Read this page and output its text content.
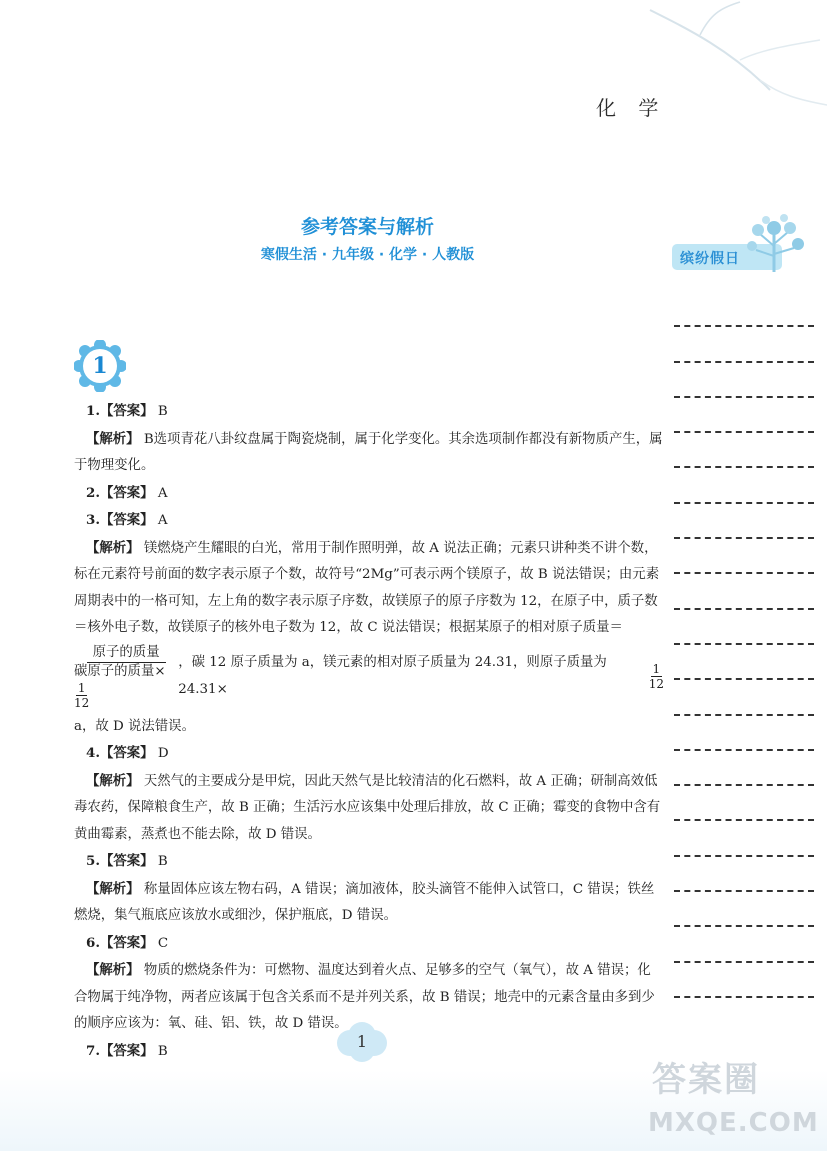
化 学
参考答案与解析
寒假生活 · 九年级 · 化学 · 人教版	缤纷假日
1

1.【答案】 B

【解析】 B选项青花八卦纹盘属于陶瓷烧制，属于化学变化。其余选项制作都没有新物质产生，属于物理变化。

2.【答案】 A

3.【答案】 A

【解析】 镁燃烧产生耀眼的白光，常用于制作照明弹，故 A 说法正确；元素只讲种类不讲个数，标在元素符号前面的数字表示原子个数，故符号“2Mg”可表示两个镁原子，故 B 说法错误；由元素周期表中的一格可知，左上角的数字表示原子序数，故镁原子的原子序数为 12，在原子中，质子数＝核外电子数，故镁原子的核外电子数为 12，故 C 说法错误；根据某原子的相对原子质量＝

原子的质量
碳原子的质量×
$\frac{1}{12}$ ，碳 12 原子质量为 a，镁元素的相对原子质量为 24.31，则原子质量为 24.31×	$\frac{1}{12}$

a，故 D 说法错误。

4.【答案】 D

【解析】 天然气的主要成分是甲烷，因此天然气是比较清洁的化石燃料，故 A 正确；研制高效低毒农药，保障粮食生产，故 B 正确；生活污水应该集中处理后排放，故 C 正确；霉变的食物中含有黄曲霉素，蒸煮也不能去除，故 D 错误。

5.【答案】 B

【解析】 称量固体应该左物右码，A 错误；滴加液体，胶头滴管不能伸入试管口，C 错误；铁丝燃烧，集气瓶底应该放水或细沙，保护瓶底，D 错误。

6.【答案】 C

【解析】 物质的燃烧条件为：可燃物、温度达到着火点、足够多的空气（氧气），故 A 错误；化合物属于纯净物，两者应该属于包含关系而不是并列关系，故 B 错误；地壳中的元素含量由多到少的顺序应该为：氧、硅、铝、铁，故 D 错误。

7.【答案】 B	1
答案圈
MXQE.COM
